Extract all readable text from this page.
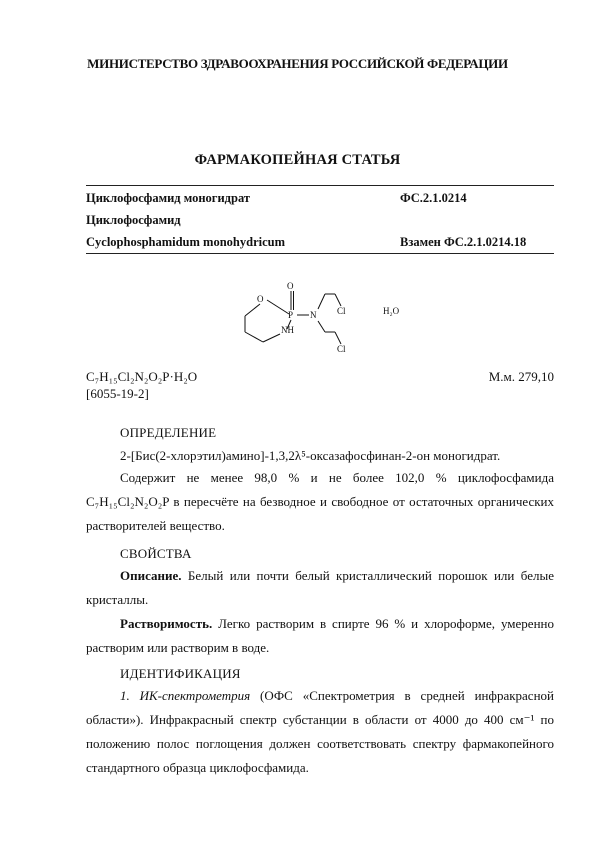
МИНИСТЕРСТВО ЗДРАВООХРАНЕНИЯ РОССИЙСКОЙ ФЕДЕРАЦИИ
ФАРМАКОПЕЙНАЯ СТАТЬЯ
Циклофосфамид моногидрат	ФС.2.1.0214
Циклофосфамид
Cyclophosphamidum monohydricum	Взамен ФС.2.1.0214.18
O
O
P N
NH
Cl
Cl
H₂O
C₇H₁₅Cl₂N₂O₂P·H₂O
[6055-19-2]
М.м. 279,10
ОПРЕДЕЛЕНИЕ
2-[Бис(2-хлорэтил)амино]-1,3,2λ⁵-оксазафосфинан-2-он моногидрат.
Содержит не менее 98,0 % и не более 102,0 % циклофосфамида C₇H₁₅Cl₂N₂O₂P в пересчёте на безводное и свободное от остаточных органических растворителей вещество.
СВОЙСТВА
Описание. Белый или почти белый кристаллический порошок или белые кристаллы.
Растворимость. Легко растворим в спирте 96 % и хлороформе, умеренно растворим или растворим в воде.
ИДЕНТИФИКАЦИЯ
1. ИК-спектрометрия (ОФС «Спектрометрия в средней инфракрасной области»). Инфракрасный спектр субстанции в области от 4000 до 400 см⁻¹ по положению полос поглощения должен соответствовать спектру фармакопейного стандартного образца циклофосфамида.
